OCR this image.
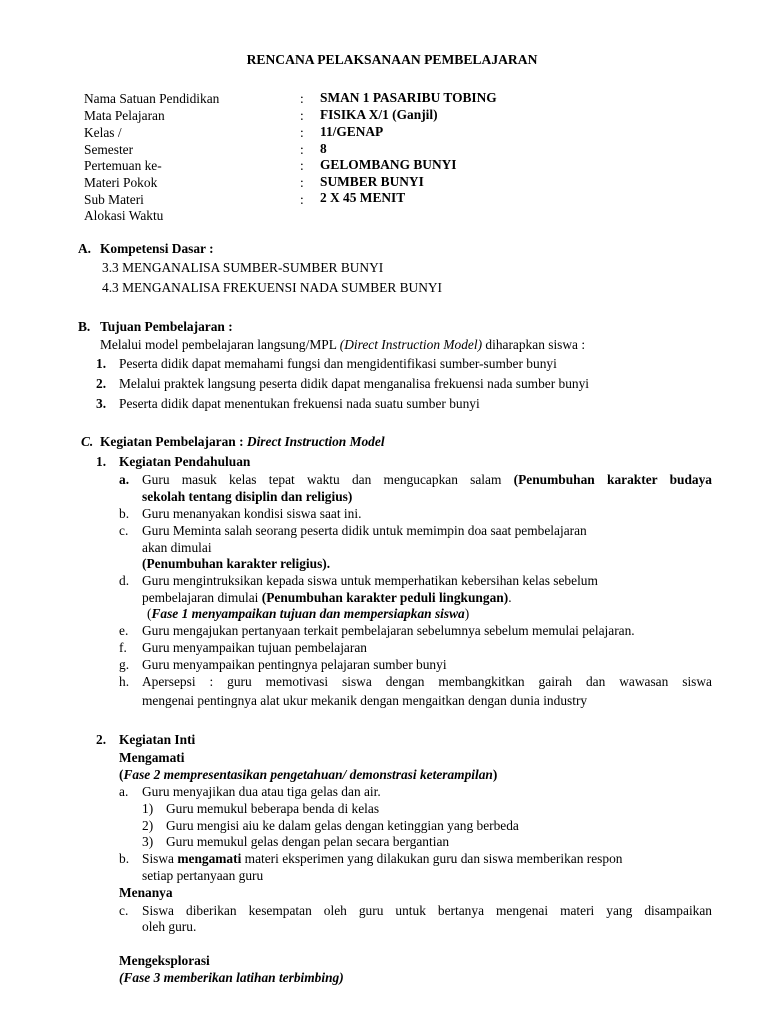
RENCANA PELAKSANAAN PEMBELAJARAN
Nama Satuan Pendidikan
Mata Pelajaran
Kelas /
Semester
Pertemuan ke-
Materi Pokok
Sub Materi
Alokasi Waktu
:
:
:
:
:
:
:
SMAN 1 PASARIBU TOBING
FISIKA X/1 (Ganjil)
11/GENAP
8
GELOMBANG BUNYI
SUMBER BUNYI
2 X 45 MENIT
A. Kompetensi Dasar :
3.3 MENGANALISA SUMBER-SUMBER BUNYI
4.3 MENGANALISA FREKUENSI NADA SUMBER BUNYI
B. Tujuan Pembelajaran :
Melalui model pembelajaran langsung/MPL (Direct Instruction Model) diharapkan siswa :
1. Peserta didik dapat memahami fungsi dan mengidentifikasi sumber-sumber bunyi
2. Melalui praktek langsung peserta didik dapat menganalisa frekuensi nada sumber bunyi
3. Peserta didik dapat menentukan frekuensi nada suatu sumber bunyi
C. Kegiatan Pembelajaran : Direct Instruction Model
1. Kegiatan Pendahuluan
a. Guru masuk kelas tepat waktu dan mengucapkan salam (Penumbuhan karakter budaya
sekolah tentang disiplin dan religius)
b. Guru menanyakan kondisi siswa saat ini.
c. Guru Meminta salah seorang peserta didik untuk memimpin doa saat pembelajaran
akan dimulai
(Penumbuhan karakter religius).
d. Guru mengintruksikan kepada siswa untuk memperhatikan kebersihan kelas sebelum
pembelajaran dimulai (Penumbuhan karakter peduli lingkungan).
(Fase 1 menyampaikan tujuan dan mempersiapkan siswa)
e. Guru mengajukan pertanyaan terkait pembelajaran sebelumnya sebelum memulai pelajaran.
f. Guru menyampaikan tujuan pembelajaran
g. Guru menyampaikan pentingnya pelajaran sumber bunyi
h. Apersepsi : guru memotivasi siswa dengan membangkitkan gairah dan wawasan siswa
mengenai pentingnya alat ukur mekanik dengan mengaitkan dengan dunia industry
2. Kegiatan Inti
Mengamati
(Fase 2 mempresentasikan pengetahuan/ demonstrasi keterampilan)
a. Guru menyajikan dua atau tiga gelas dan air.
1) Guru memukul beberapa benda di kelas
2) Guru mengisi aiu ke dalam gelas dengan ketinggian yang berbeda
3) Guru memukul gelas dengan pelan secara bergantian
b. Siswa mengamati materi eksperimen yang dilakukan guru dan siswa memberikan respon
setiap pertanyaan guru
Menanya
c. Siswa diberikan kesempatan oleh guru untuk bertanya mengenai materi yang disampaikan
oleh guru.
Mengeksplorasi
(Fase 3 memberikan latihan terbimbing)
